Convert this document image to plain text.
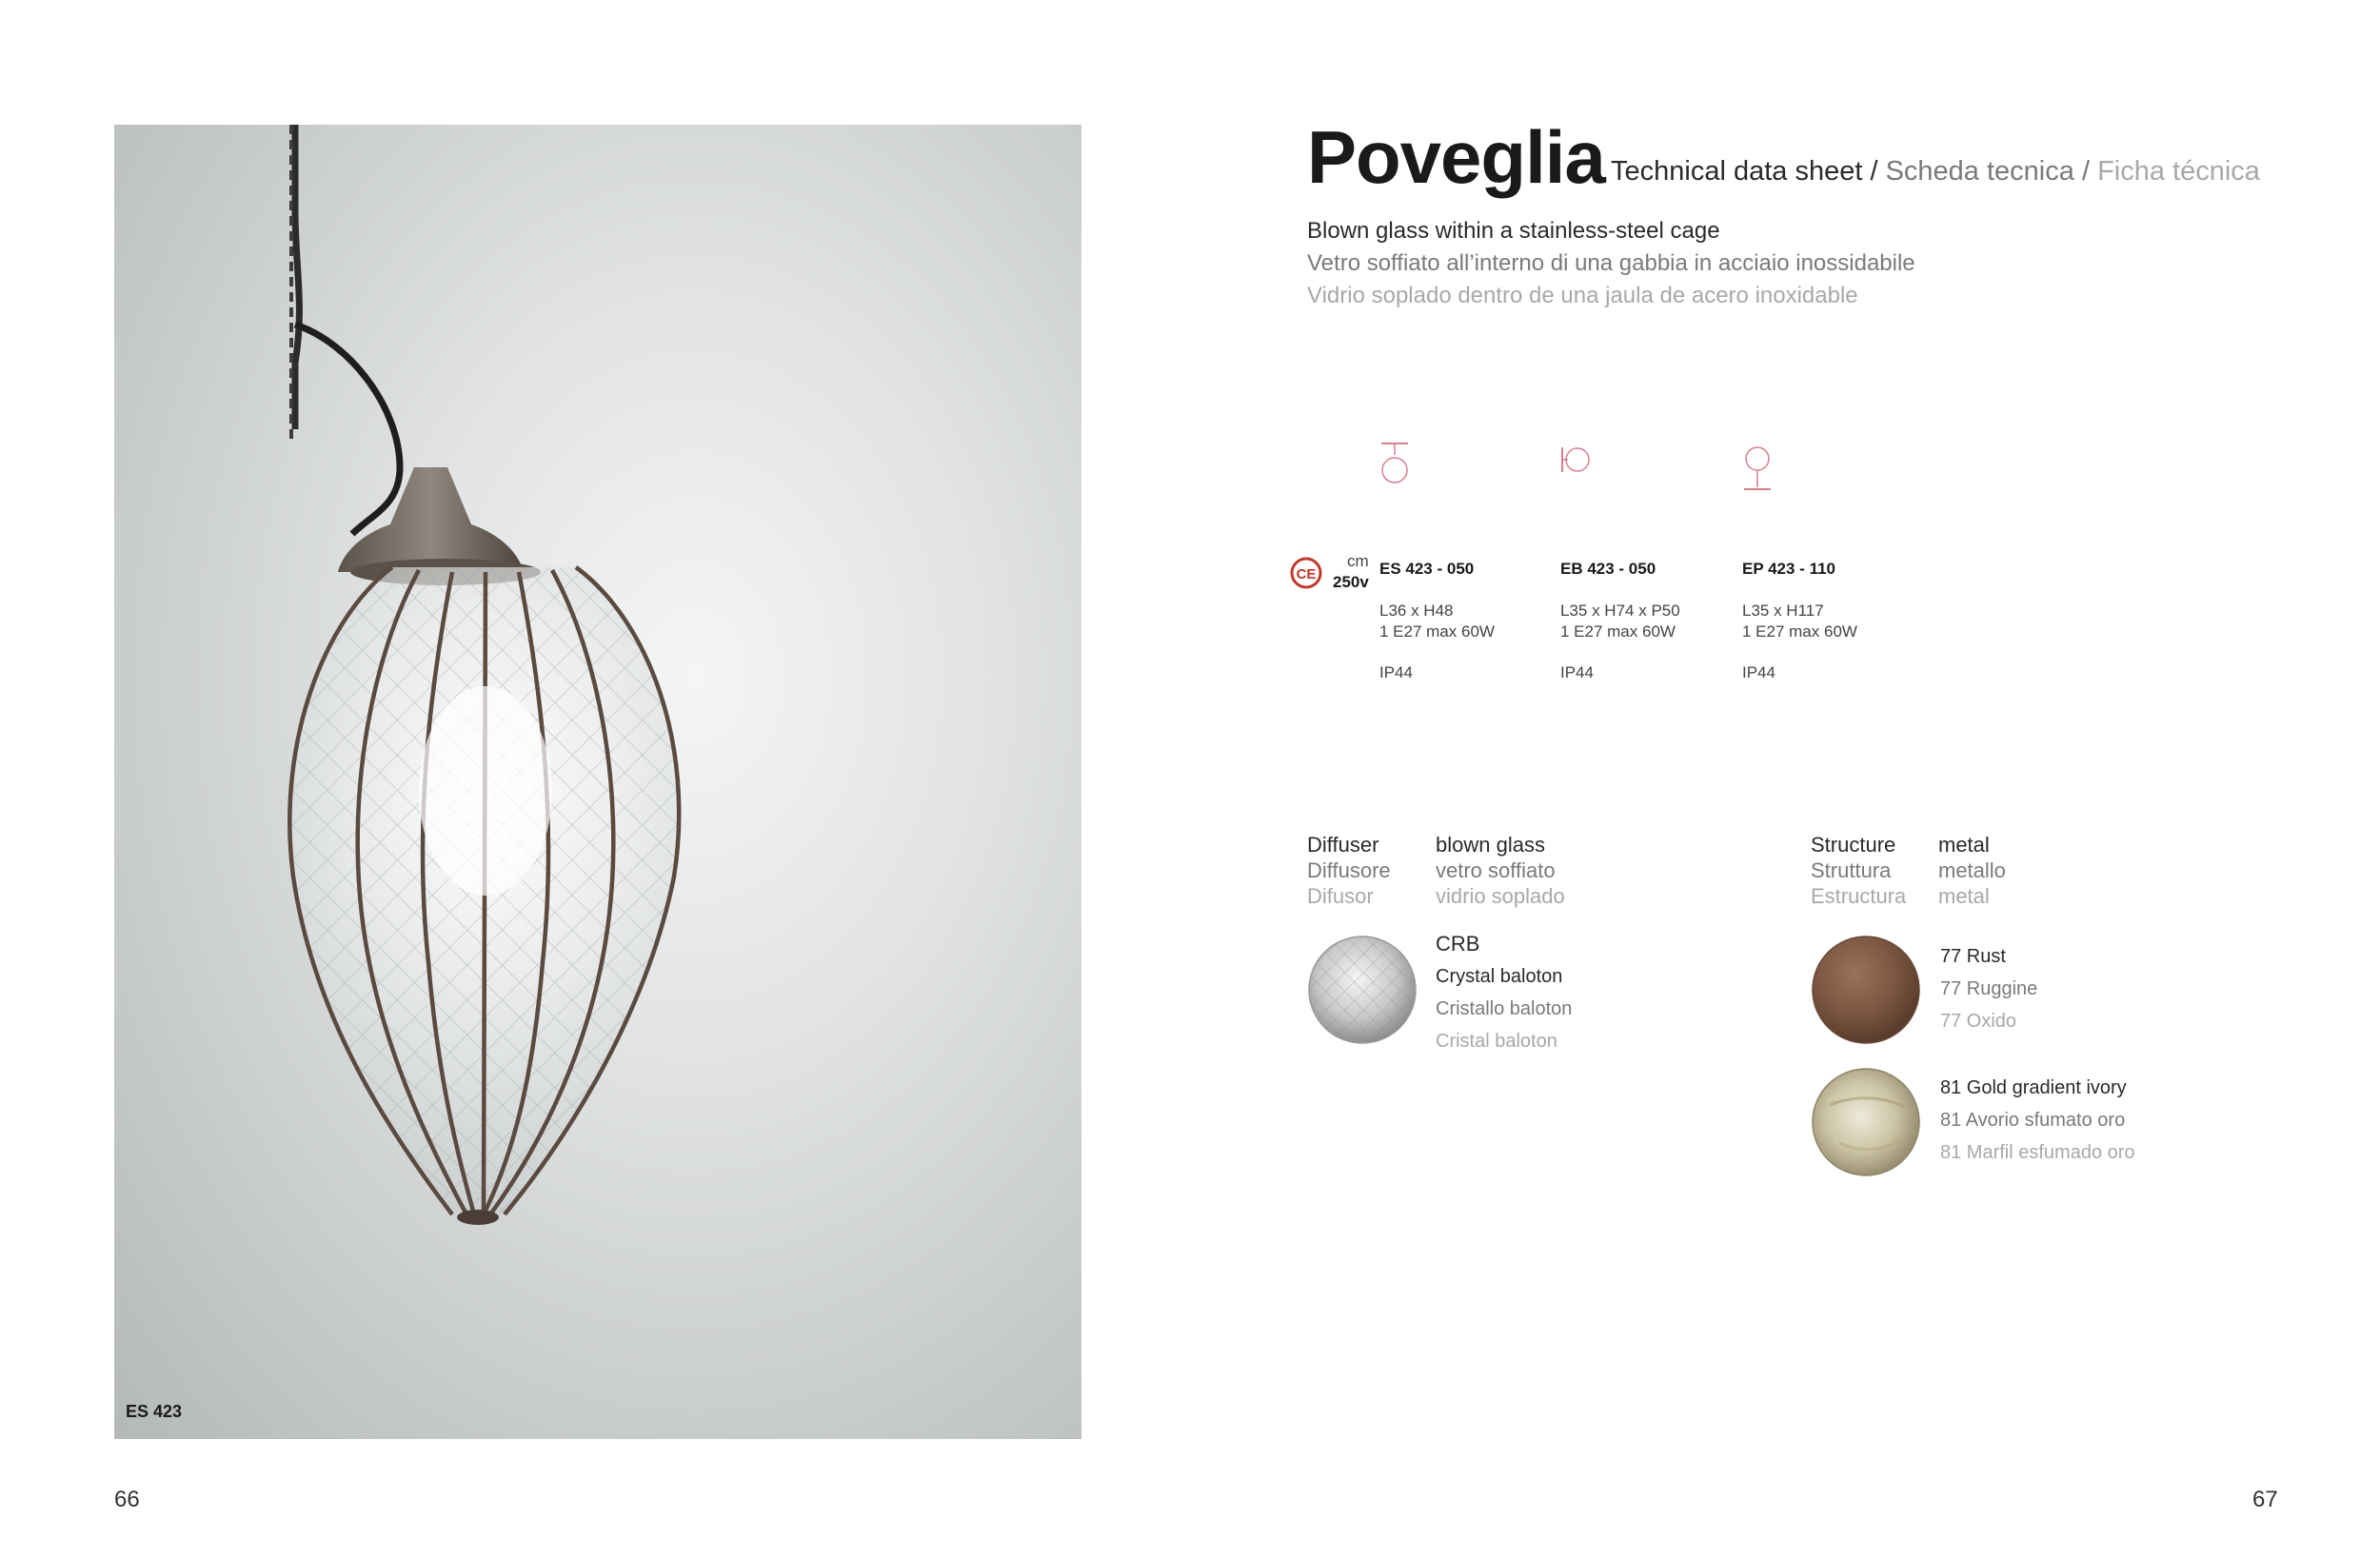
ES 423
66	67
Poveglia Technical data sheet / Scheda tecnica / Ficha técnica
Blown glass within a stainless-steel cage
Vetro soffiato all’interno di una gabbia in acciaio inossidabile
Vidrio soplado dentro de una jaula de acero inoxidable
CE
cm
250v
ES 423 - 050
L36 x H48
1 E27 max 60W
IP44
EB 423 - 050
L35 x H74 x P50
1 E27 max 60W
IP44
EP 423 - 110
L35 x H117
1 E27 max 60W
IP44
Diffuser
Diffusore
Difusor
blown glass
vetro soffiato
vidrio soplado
CRB
Crystal baloton
Cristallo baloton
Cristal baloton
Structure
Struttura
Estructura
metal
metallo
metal
77 Rust
77 Ruggine
77 Oxido
81 Gold gradient ivory
81 Avorio sfumato oro
81 Marfil esfumado oro
